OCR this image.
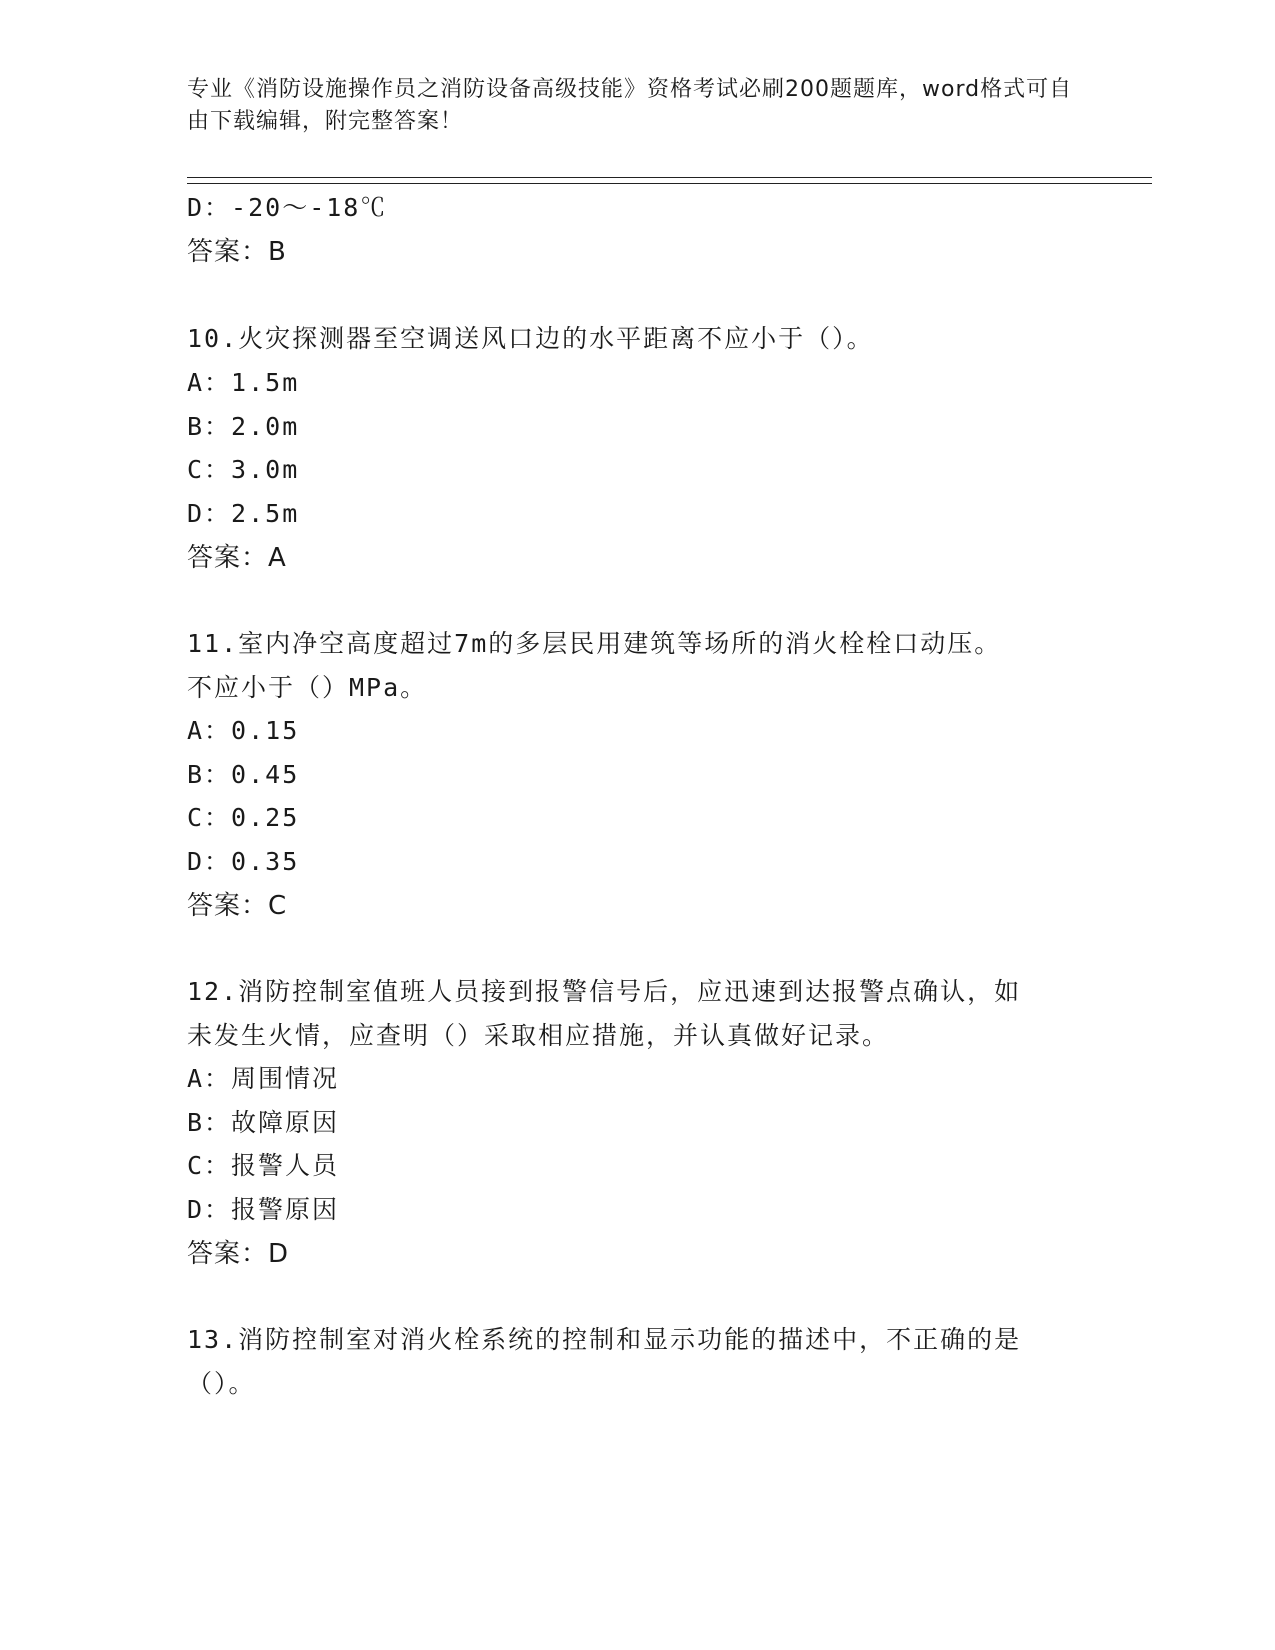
专业《消防设施操作员之消防设备高级技能》资格考试必刷200题题库，word格式可自由下载编辑，附完整答案！
D：-20～-18℃
答案：B
10.火灾探测器至空调送风口边的水平距离不应小于（）。
A：1.5m
B：2.0m
C：3.0m
D：2.5m
答案：A
11.室内净空高度超过7m的多层民用建筑等场所的消火栓栓口动压。
不应小于（）MPa。
A：0.15
B：0.45
C：0.25
D：0.35
答案：C
12.消防控制室值班人员接到报警信号后，应迅速到达报警点确认，如
未发生火情，应查明（）采取相应措施，并认真做好记录。
A：周围情况
B：故障原因
C：报警人员
D：报警原因
答案：D
13.消防控制室对消火栓系统的控制和显示功能的描述中，不正确的是
（）。
